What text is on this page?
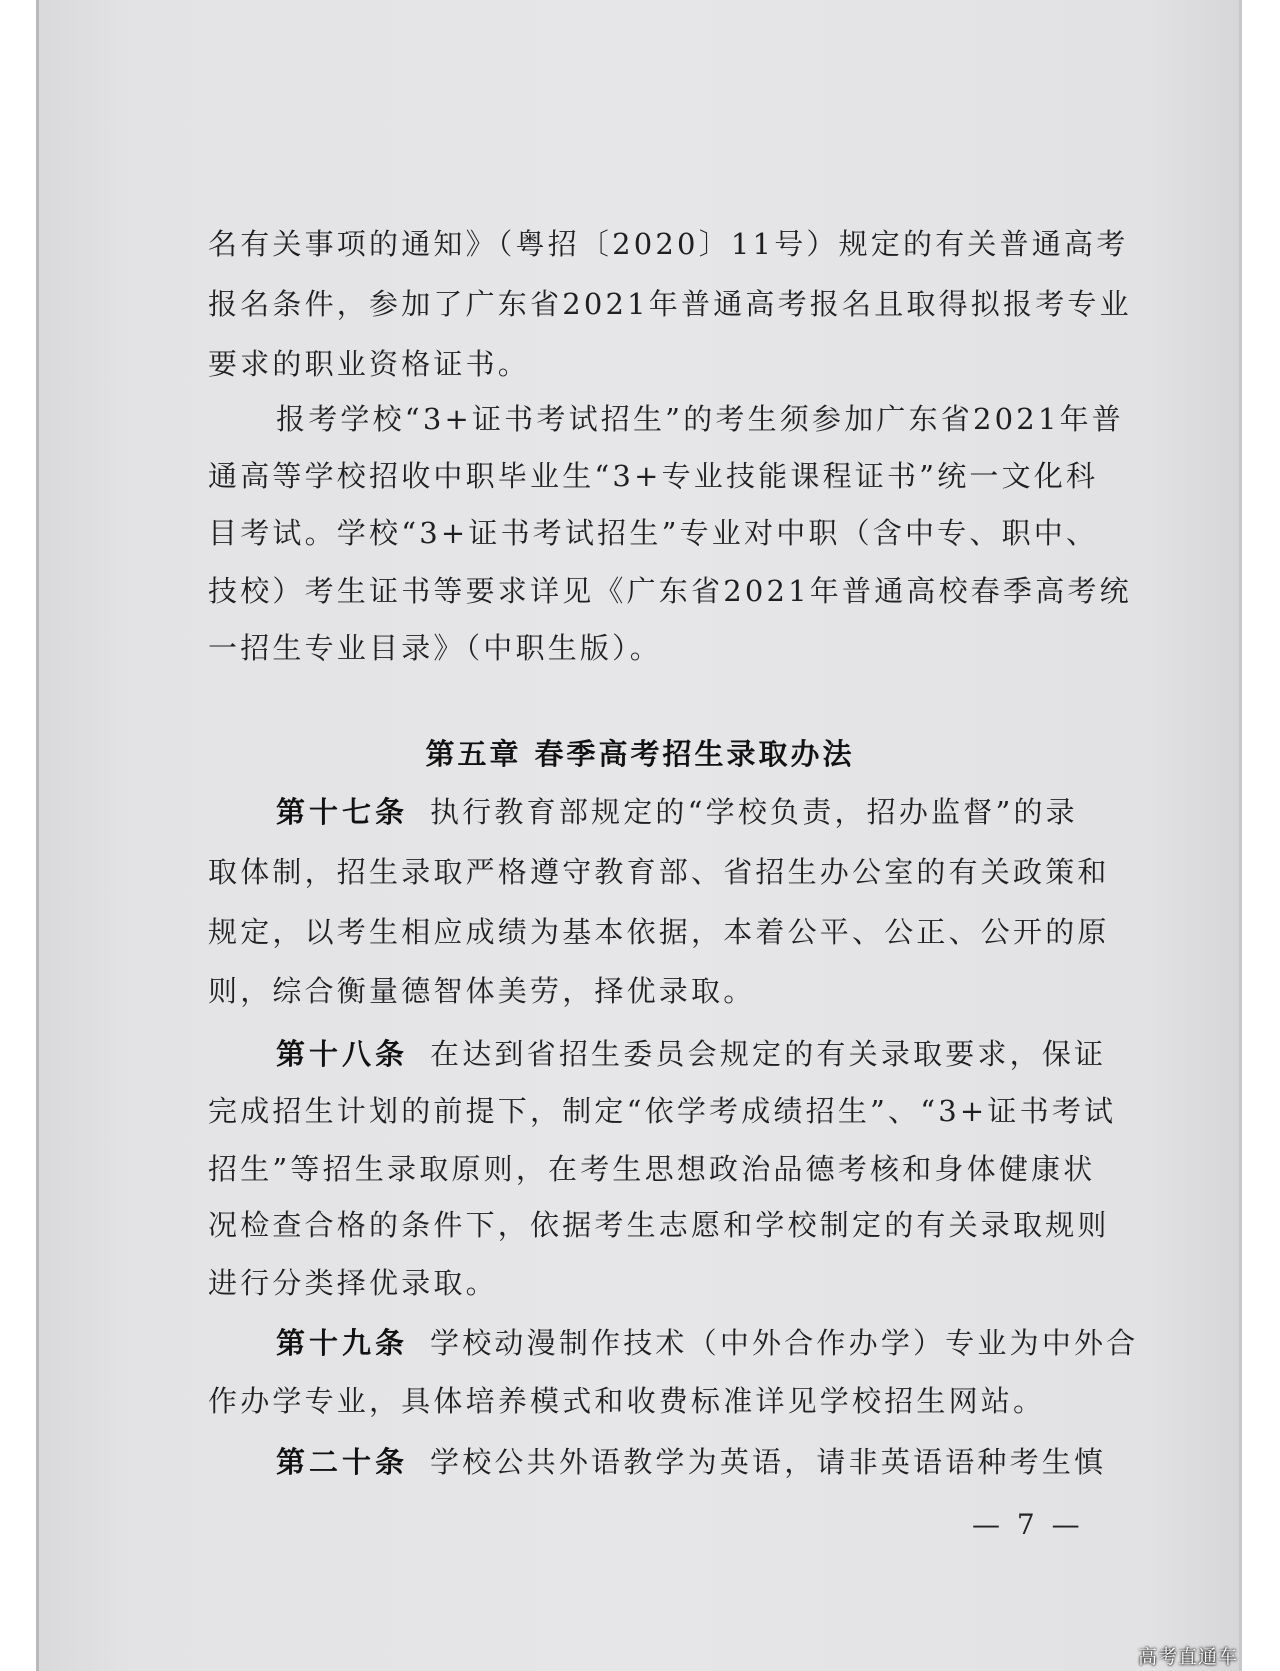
名有关事项的通知》（粤招〔2020〕11号）规定的有关普通高考
报名条件，参加了广东省2021年普通高考报名且取得拟报考专业
要求的职业资格证书。
报考学校“3+证书考试招生”的考生须参加广东省2021年普
通高等学校招收中职毕业生“3+专业技能课程证书”统一文化科
目考试。学校“3+证书考试招生”专业对中职（含中专、职中、
技校）考生证书等要求详见《广东省2021年普通高校春季高考统
一招生专业目录》（中职生版）。
第五章 春季高考招生录取办法
第十七条 执行教育部规定的“学校负责，招办监督”的录
取体制，招生录取严格遵守教育部、省招生办公室的有关政策和
规定，以考生相应成绩为基本依据，本着公平、公正、公开的原
则，综合衡量德智体美劳，择优录取。
第十八条 在达到省招生委员会规定的有关录取要求，保证
完成招生计划的前提下，制定“依学考成绩招生”、“3+证书考试
招生”等招生录取原则，在考生思想政治品德考核和身体健康状
况检查合格的条件下，依据考生志愿和学校制定的有关录取规则
进行分类择优录取。
第十九条 学校动漫制作技术（中外合作办学）专业为中外合
作办学专业，具体培养模式和收费标准详见学校招生网站。
第二十条 学校公共外语教学为英语，请非英语语种考生慎
— 7 —
高考直通车
